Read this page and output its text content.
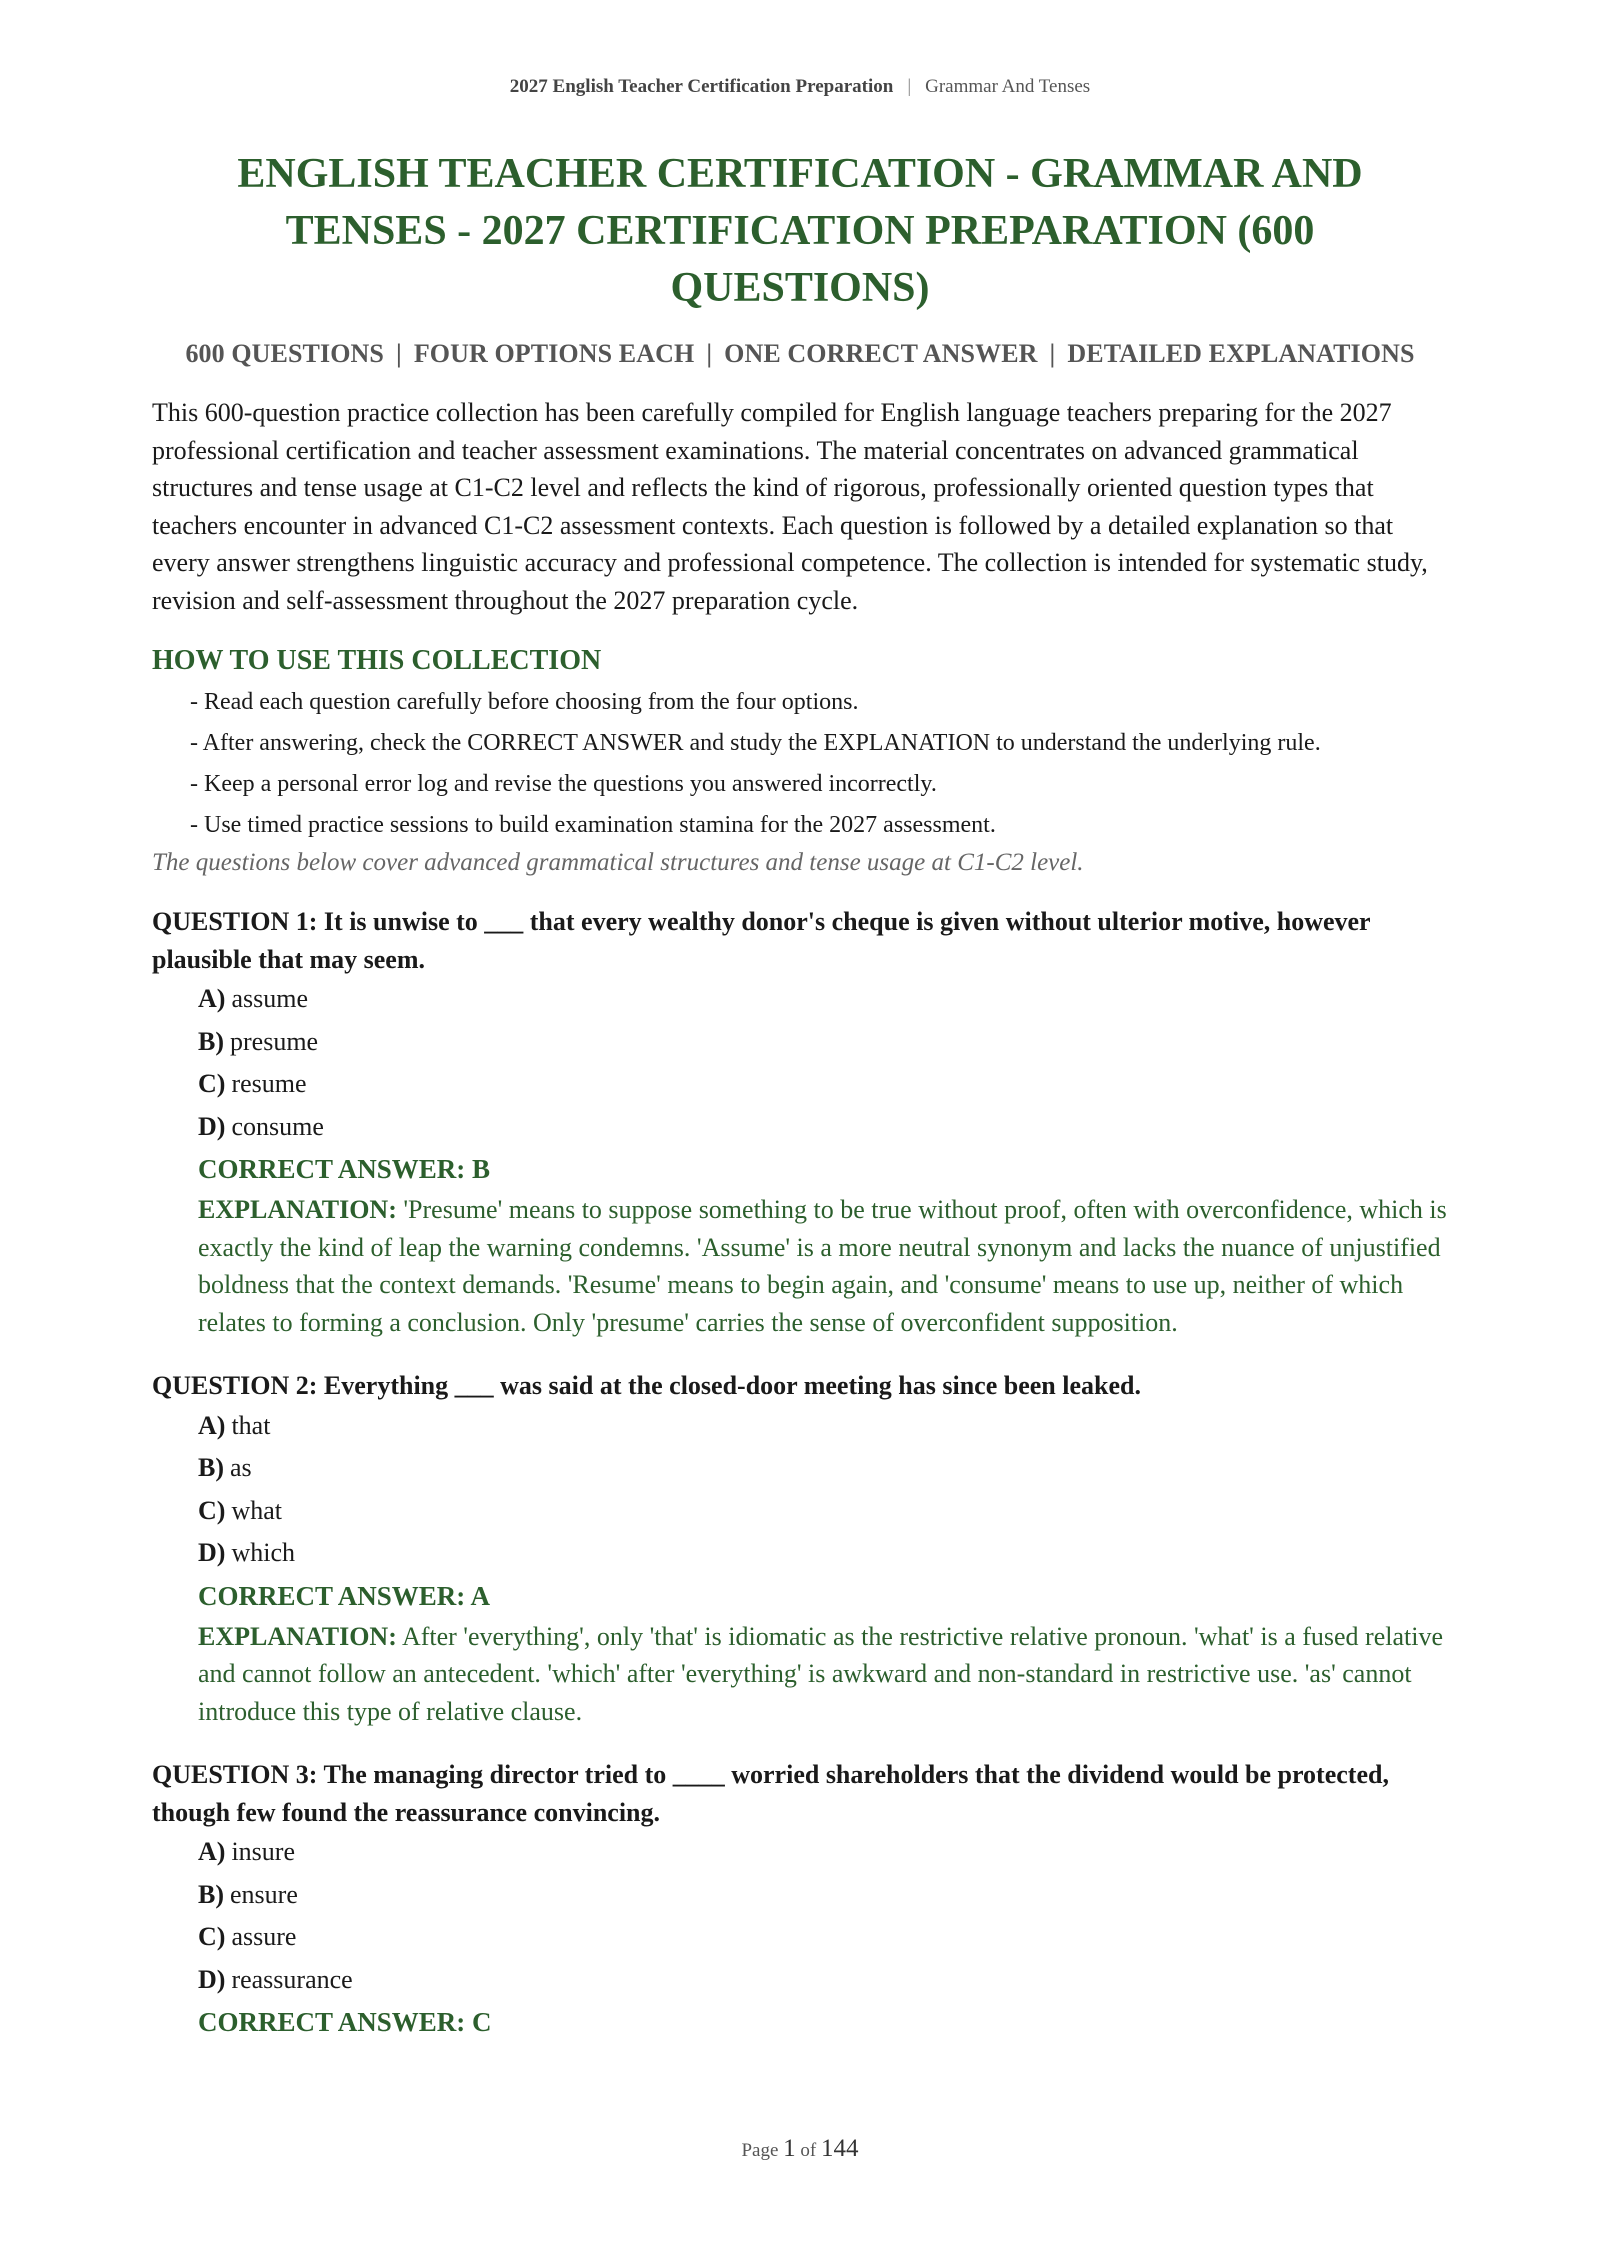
2027 English Teacher Certification Preparation | Grammar And Tenses
ENGLISH TEACHER CERTIFICATION - GRAMMAR AND TENSES - 2027 CERTIFICATION PREPARATION (600 QUESTIONS)
600 QUESTIONS | FOUR OPTIONS EACH | ONE CORRECT ANSWER | DETAILED EXPLANATIONS

This 600-question practice collection has been carefully compiled for English language teachers preparing for the 2027 professional certification and teacher assessment examinations. The material concentrates on advanced grammatical structures and tense usage at C1-C2 level and reflects the kind of rigorous, professionally oriented question types that teachers encounter in advanced C1-C2 assessment contexts. Each question is followed by a detailed explanation so that every answer strengthens linguistic accuracy and professional competence. The collection is intended for systematic study, revision and self-assessment throughout the 2027 preparation cycle.

HOW TO USE THIS COLLECTION
- Read each question carefully before choosing from the four options.
- After answering, check the CORRECT ANSWER and study the EXPLANATION to understand the underlying rule.
- Keep a personal error log and revise the questions you answered incorrectly.
- Use timed practice sessions to build examination stamina for the 2027 assessment.
The questions below cover advanced grammatical structures and tense usage at C1-C2 level.
QUESTION 1: It is unwise to ___ that every wealthy donor's cheque is given without ulterior motive, however plausible that may seem.
A) assume
B) presume
C) resume
D) consume
CORRECT ANSWER: B
EXPLANATION: 'Presume' means to suppose something to be true without proof, often with overconfidence, which is exactly the kind of leap the warning condemns. 'Assume' is a more neutral synonym and lacks the nuance of unjustified boldness that the context demands. 'Resume' means to begin again, and 'consume' means to use up, neither of which relates to forming a conclusion. Only 'presume' carries the sense of overconfident supposition.
QUESTION 2: Everything ___ was said at the closed-door meeting has since been leaked.
A) that
B) as
C) what
D) which
CORRECT ANSWER: A
EXPLANATION: After 'everything', only 'that' is idiomatic as the restrictive relative pronoun. 'what' is a fused relative and cannot follow an antecedent. 'which' after 'everything' is awkward and non-standard in restrictive use. 'as' cannot introduce this type of relative clause.
QUESTION 3: The managing director tried to ____ worried shareholders that the dividend would be protected, though few found the reassurance convincing.
A) insure
B) ensure
C) assure
D) reassurance
CORRECT ANSWER: C
Page 1 of 144
